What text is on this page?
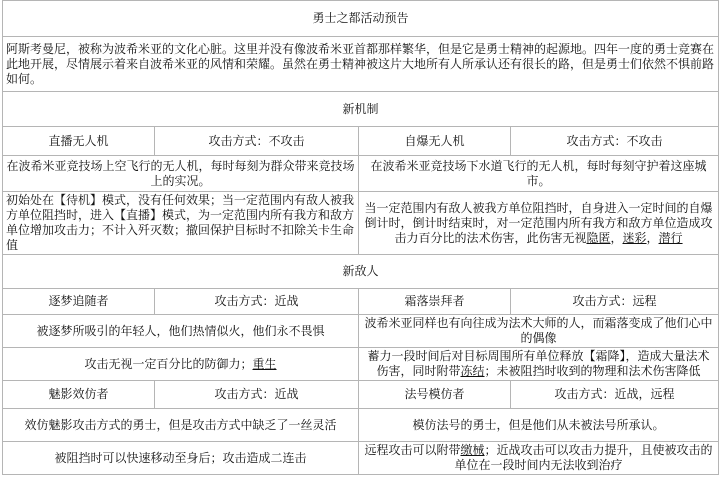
勇士之都活动预告			
阿斯考曼尼，被称为波希米亚的文化心脏。这里并没有像波希米亚首都那样繁华，但是它是勇士精神的起源地。四年一度的勇士竞赛在此地开展，尽情展示着来自波希米亚的风情和荣耀。虽然在勇士精神被这片大地所有人所承认还有很长的路，但是勇士们依然不惧前路如何。			
新机制			
直播无人机	攻击方式：不攻击	自爆无人机	攻击方式：不攻击
在波希米亚竞技场上空飞行的无人机，每时每刻为群众带来竞技场上的实况。		在波希米亚竞技场下水道飞行的无人机，每时每刻守护着这座城市。	
初始处在【待机】模式，没有任何效果；当一定范围内有敌人被我方单位阻挡时，进入【直播】模式，为一定范围内所有我方和敌方单位增加攻击力；不计入歼灭数；撤回保护目标时不扣除关卡生命值		当一定范围内有敌人被我方单位阻挡时，自身进入一定时间的自爆倒计时，倒计时结束时，对一定范围内所有我方和敌方单位造成攻击力百分比的法术伤害，此伤害无视隐匿，迷彩，潜行	
新敌人			
逐梦追随者	攻击方式：近战	霜落崇拜者	攻击方式：远程
被逐梦所吸引的年轻人，他们热情似火，他们永不畏惧		波希米亚同样也有向往成为法术大师的人，而霜落变成了他们心中的偶像	
攻击无视一定百分比的防御力；重生		蓄力一段时间后对目标周围所有单位释放【霜降】，造成大量法术伤害，同时附带冻结；未被阻挡时收到的物理和法术伤害降低	
魅影效仿者	攻击方式：近战	法号模仿者	攻击方式：近战，远程
效仿魅影攻击方式的勇士，但是攻击方式中缺乏了一丝灵活		模仿法号的勇士，但是他们从未被法号所承认。	
被阻挡时可以快速移动至身后；攻击造成二连击		远程攻击可以附带缴械；近战攻击可以攻击力提升，且使被攻击的单位在一段时间内无法收到治疗	
